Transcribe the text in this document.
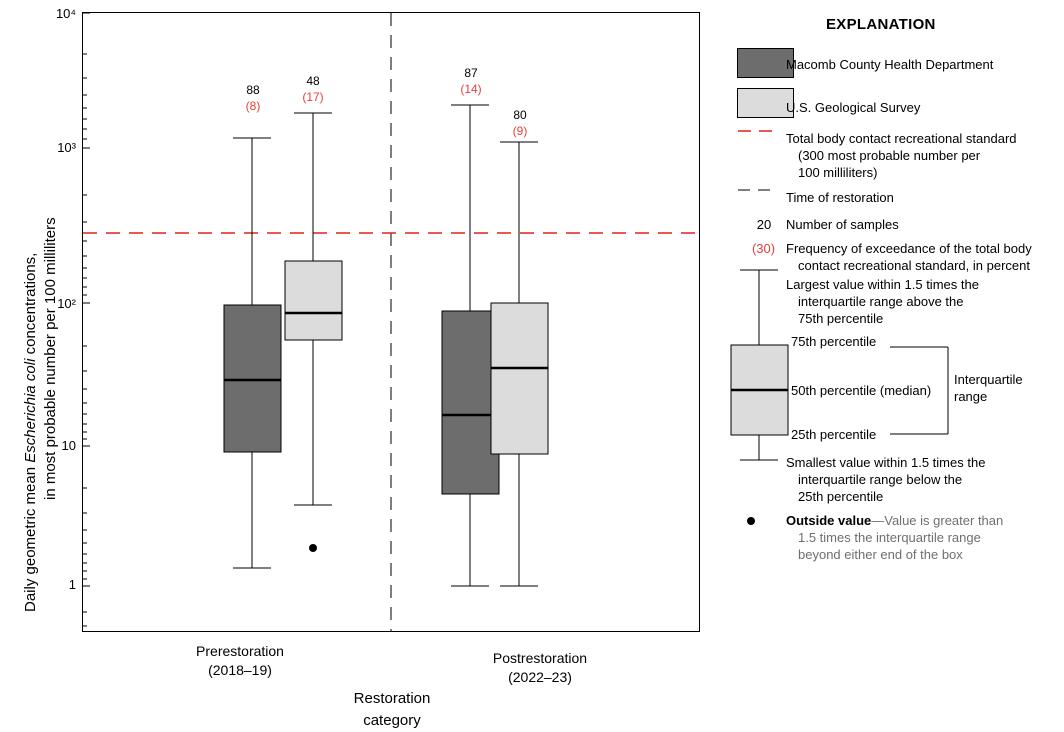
Daily geometric mean Escherichia coli concentrations, in most probable number per 100 milliliters
10⁴
10³
10²
10
1
Prerestoration
(2018–19)
Postrestoration
(2022–23)
Restoration
category
88
(8)
48
(17)
87
(14)
80
(9)
EXPLANATION
Macomb County Health Department
U.S. Geological Survey
Total body contact recreational standard
(300 most probable number per
100 milliliters)
Time of restoration
20	Number of samples
(30) Frequency of exceedance of the total body
contact recreational standard, in percent
Largest value within 1.5 times the
interquartile range above the
75th percentile
75th percentile
50th percentile (median)
25th percentile
Interquartile
range
Smallest value within 1.5 times the
interquartile range below the
25th percentile
Outside value—Value is greater than
1.5 times the interquartile range
beyond either end of the box
